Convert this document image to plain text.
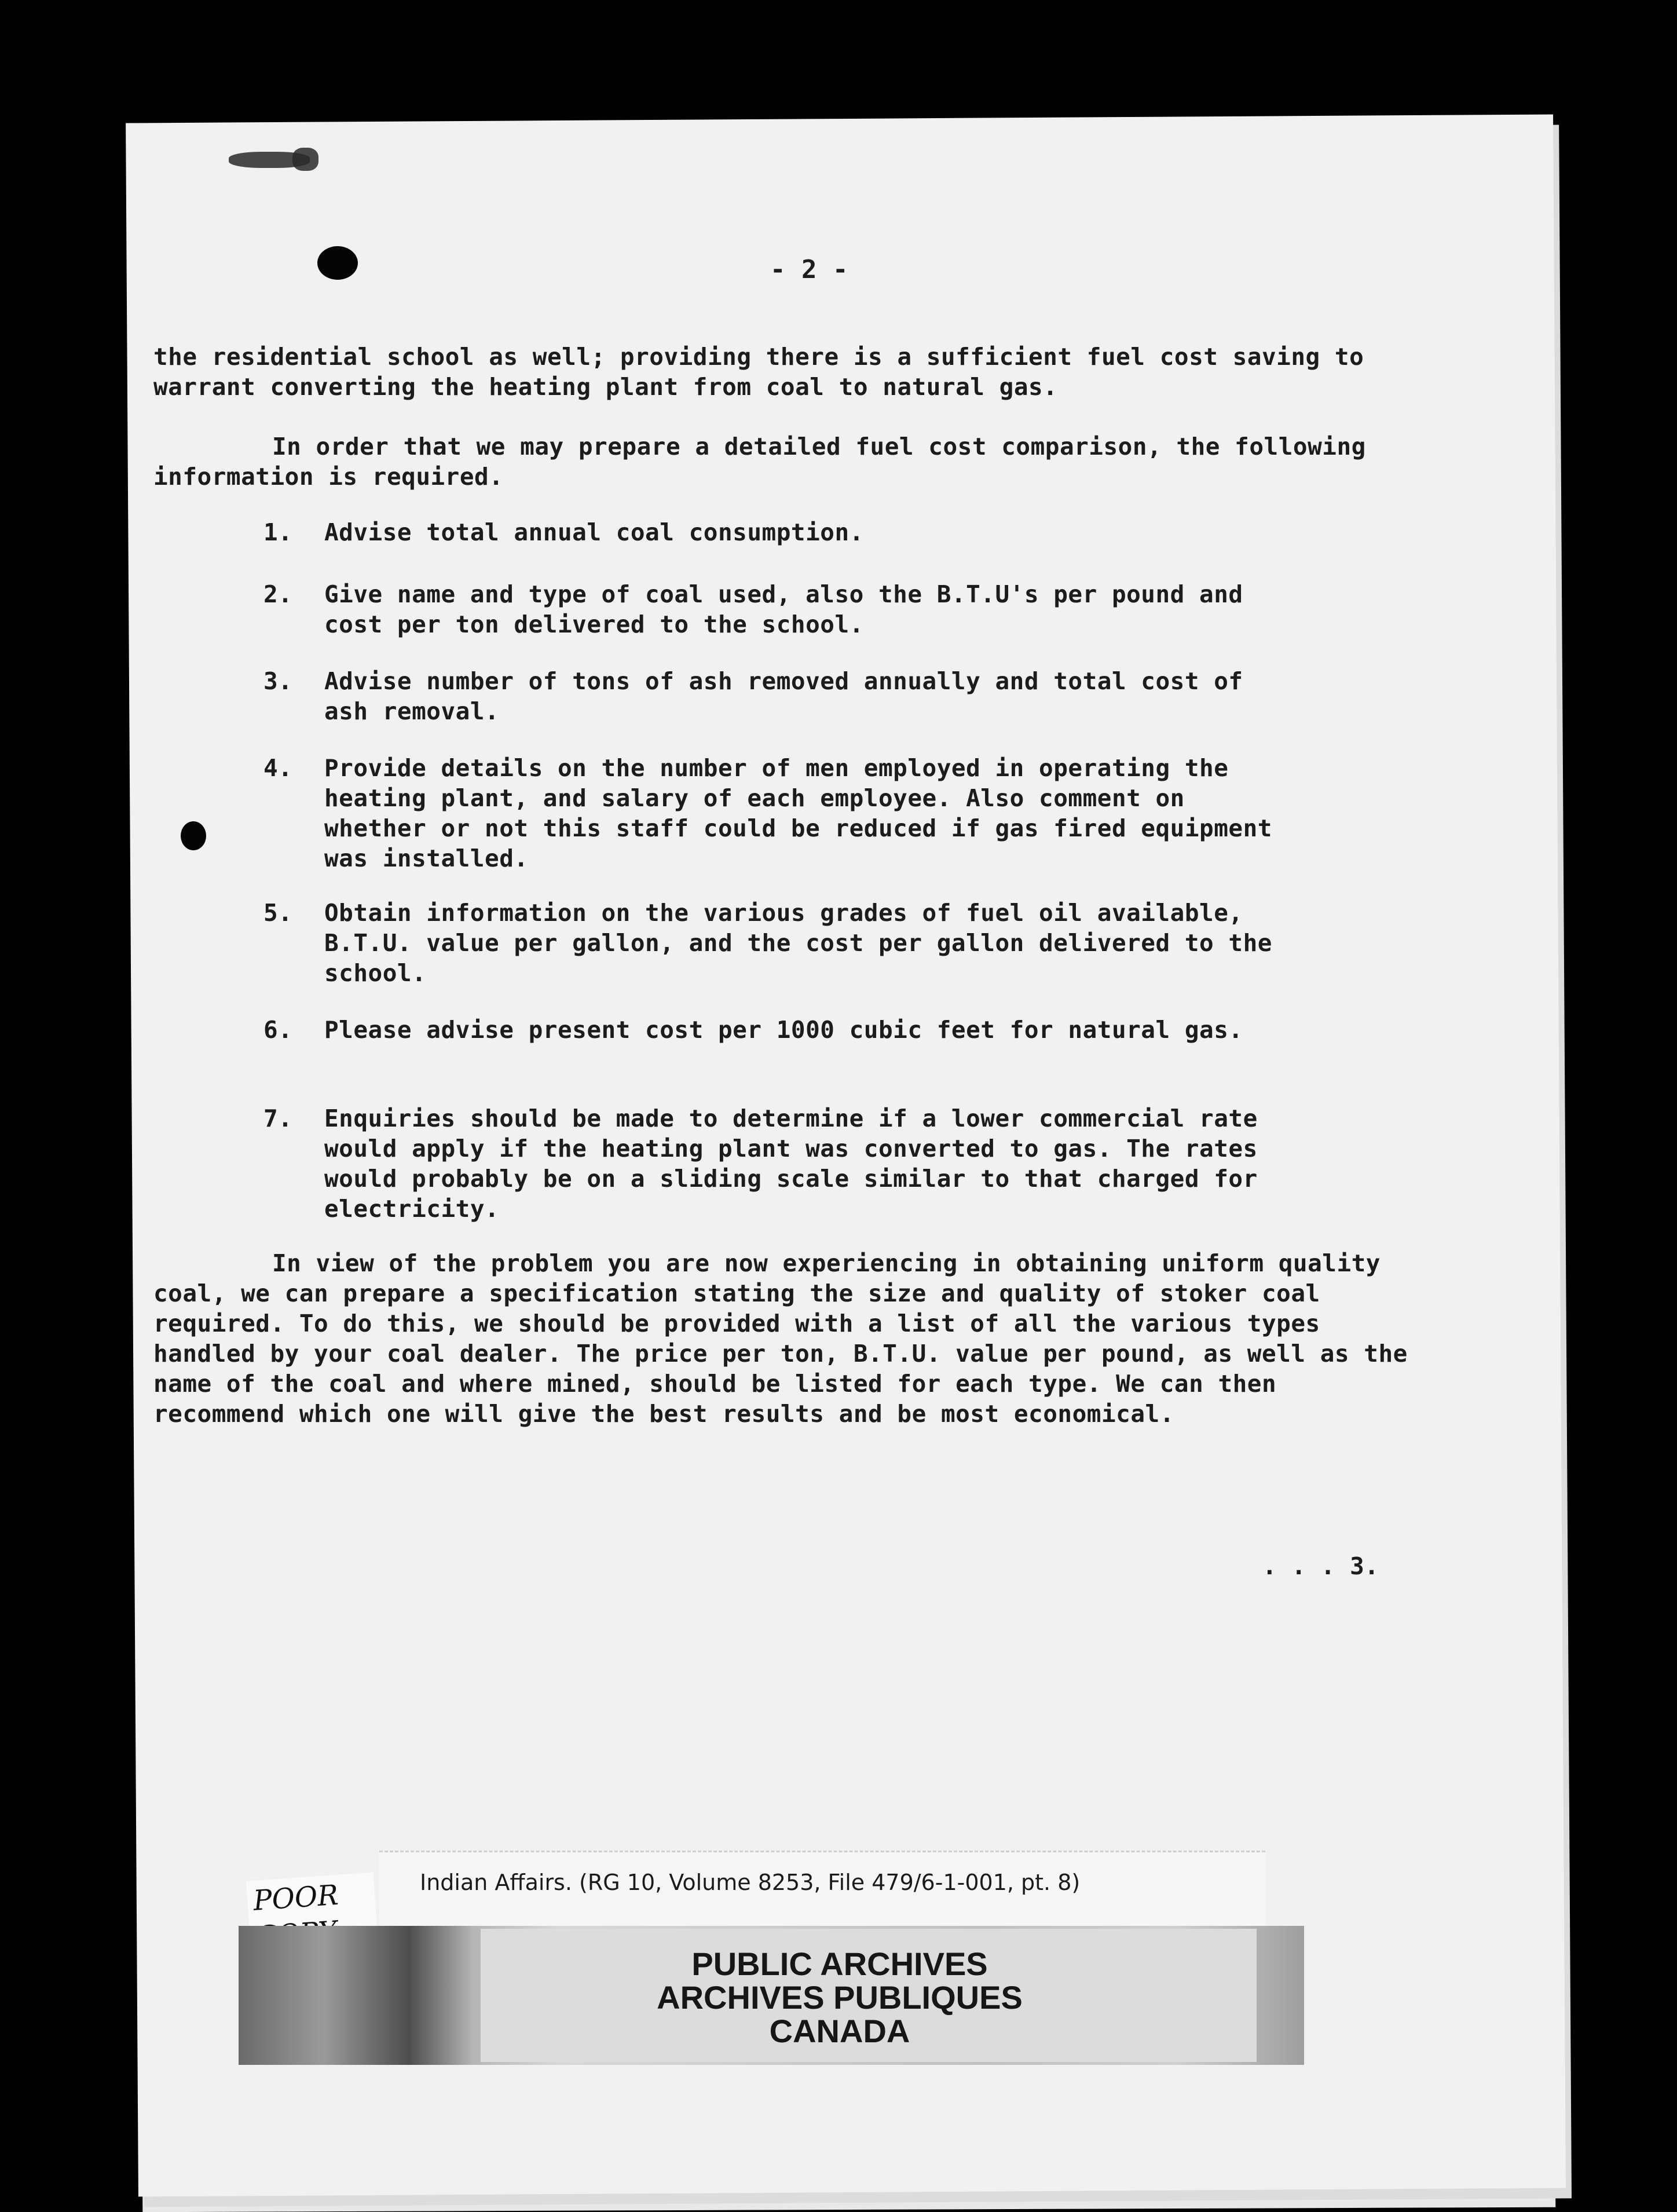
- 2 -
the residential school as well; providing there is a sufficient fuel cost saving to warrant converting the heating plant from coal to natural gas.
In order that we may prepare a detailed fuel cost comparison, the following information is required.

1.

Advise total annual coal consumption.

2.

Give name and type of coal used, also the B.T.U's per pound and cost per ton delivered to the school.

3.

Advise number of tons of ash removed annually and total cost of ash removal.

4.

Provide details on the number of men employed in operating the heating plant, and salary of each employee. Also comment on whether or not this staff could be reduced if gas fired equipment was installed.

5.

Obtain information on the various grades of fuel oil available, B.T.U. value per gallon, and the cost per gallon delivered to the school.

6.

Please advise present cost per 1000 cubic feet for natural gas.

7.

Enquiries should be made to determine if a lower commercial rate would apply if the heating plant was converted to gas. The rates would probably be on a sliding scale similar to that charged for electricity.

In view of the problem you are now experiencing in obtaining uniform quality coal, we can prepare a specification stating the size and quality of stoker coal required. To do this, we should be provided with a list of all the various types handled by your coal dealer. The price per ton, B.T.U. value per pound, as well as the name of the coal and where mined, should be listed for each type. We can then recommend which one will give the best results and be most economical.
. . . 3.
Indian Affairs. (RG 10, Volume 8253, File 479/6-1-001, pt. 8)
POOR
PUBLIC ARCHIVES
ARCHIVES PUBLIQUES
CANADA
